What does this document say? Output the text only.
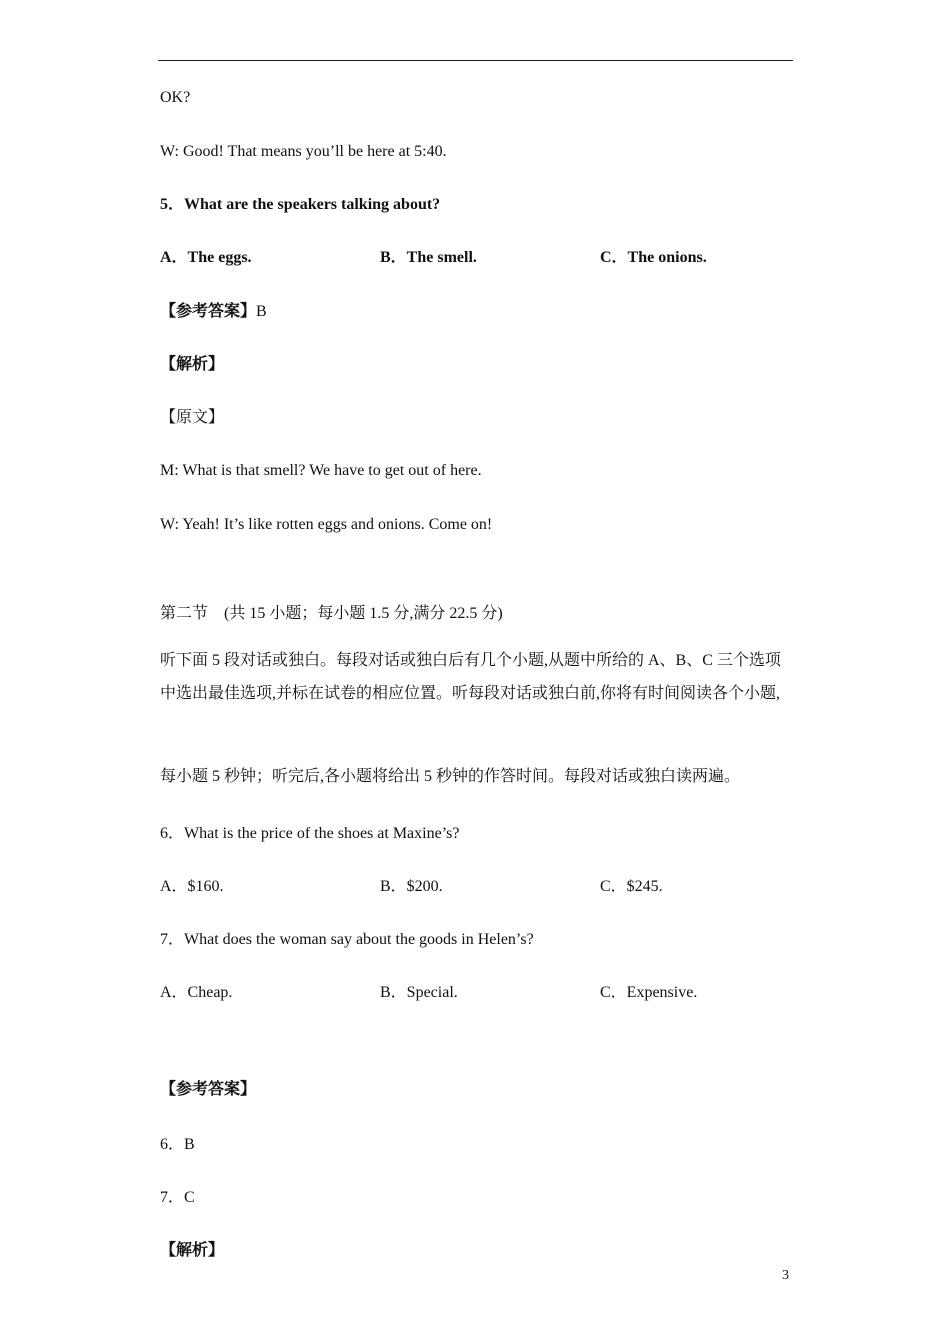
OK?
W: Good! That means you’ll be here at 5:40.
5．What are the speakers talking about?
A．The eggs.	B．The smell.	C．The onions.
【参考答案】B
【解析】
【原文】
M: What is that smell? We have to get out of here.
W: Yeah! It’s like rotten eggs and onions. Come on!
第二节　(共 15 小题；每小题 1.5 分,满分 22.5 分)
听下面 5 段对话或独白。每段对话或独白后有几个小题,从题中所给的 A、B、C 三个选项中选出最佳选项,并标在试卷的相应位置。听每段对话或独白前,你将有时间阅读各个小题,
每小题 5 秒钟；听完后,各小题将给出 5 秒钟的作答时间。每段对话或独白读两遍。
6．What is the price of the shoes at Maxine’s?
A．$160.	B．$200.	C．$245.
7．What does the woman say about the goods in Helen’s?
A．Cheap.	B．Special.	C．Expensive.
【参考答案】
6．B
7．C
【解析】
3
